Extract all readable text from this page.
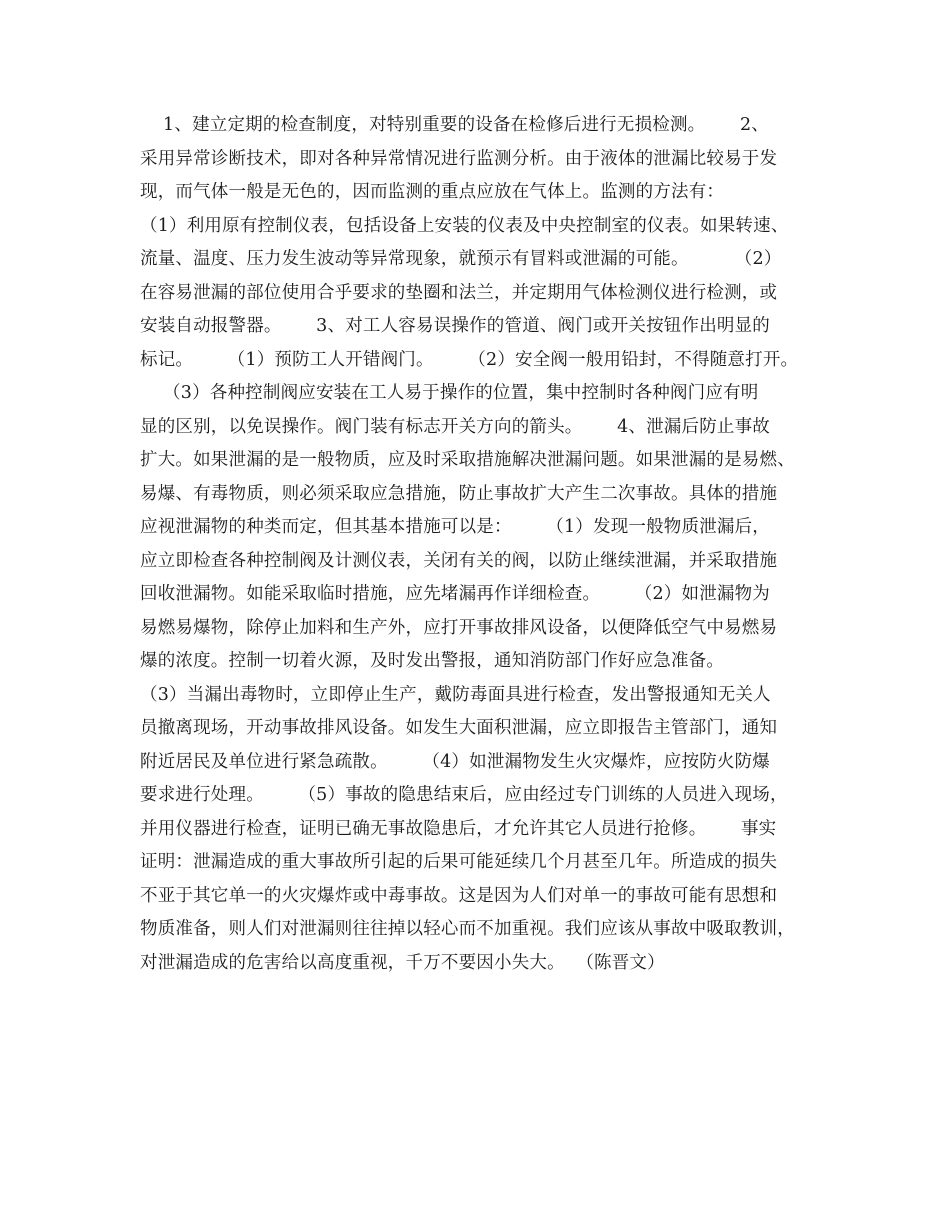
1、建立定期的检查制度，对特别重要的设备在检修后进行无损检测。      2、
采用异常诊断技术，即对各种异常情况进行监测分析。由于液体的泄漏比较易于发
现，而气体一般是无色的，因而监测的重点应放在气体上。监测的方法有：
（1）利用原有控制仪表，包括设备上安装的仪表及中央控制室的仪表。如果转速、
流量、温度、压力发生波动等异常现象，就预示有冒料或泄漏的可能。        （2）
在容易泄漏的部位使用合乎要求的垫圈和法兰，并定期用气体检测仪进行检测，或
安装自动报警器。      3、对工人容易误操作的管道、阀门或开关按钮作出明显的
标记。      （1）预防工人开错阀门。      （2）安全阀一般用铅封，不得随意打开。
（3）各种控制阀应安装在工人易于操作的位置，集中控制时各种阀门应有明
显的区别，以免误操作。阀门装有标志开关方向的箭头。      4、泄漏后防止事故
扩大。如果泄漏的是一般物质，应及时采取措施解决泄漏问题。如果泄漏的是易燃、
易爆、有毒物质，则必须采取应急措施，防止事故扩大产生二次事故。具体的措施
应视泄漏物的种类而定，但其基本措施可以是：      （1）发现一般物质泄漏后，
应立即检查各种控制阀及计测仪表，关闭有关的阀，以防止继续泄漏，并采取措施
回收泄漏物。如能采取临时措施，应先堵漏再作详细检查。      （2）如泄漏物为
易燃易爆物，除停止加料和生产外，应打开事故排风设备，以便降低空气中易燃易
爆的浓度。控制一切着火源，及时发出警报，通知消防部门作好应急准备。
（3）当漏出毒物时，立即停止生产，戴防毒面具进行检查，发出警报通知无关人
员撤离现场，开动事故排风设备。如发生大面积泄漏，应立即报告主管部门，通知
附近居民及单位进行紧急疏散。      （4）如泄漏物发生火灾爆炸，应按防火防爆
要求进行处理。      （5）事故的隐患结束后，应由经过专门训练的人员进入现场，
并用仪器进行检查，证明已确无事故隐患后，才允许其它人员进行抢修。      事实
证明：泄漏造成的重大事故所引起的后果可能延续几个月甚至几年。所造成的损失
不亚于其它单一的火灾爆炸或中毒事故。这是因为人们对单一的事故可能有思想和
物质准备，则人们对泄漏则往往掉以轻心而不加重视。我们应该从事故中吸取教训，
对泄漏造成的危害给以高度重视，千万不要因小失大。  （陈晋文）
